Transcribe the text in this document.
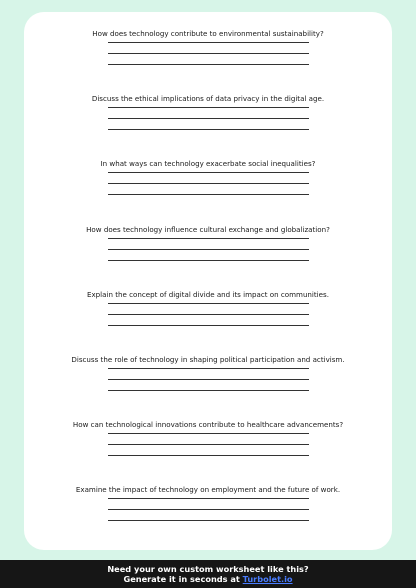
How does technology contribute to environmental sustainability?
Discuss the ethical implications of data privacy in the digital age.
In what ways can technology exacerbate social inequalities?
How does technology influence cultural exchange and globalization?
Explain the concept of digital divide and its impact on communities.
Discuss the role of technology in shaping political participation and activism.
How can technological innovations contribute to healthcare advancements?
Examine the impact of technology on employment and the future of work.
Need your own custom worksheet like this?
Generate it in seconds at Turbolet.io
